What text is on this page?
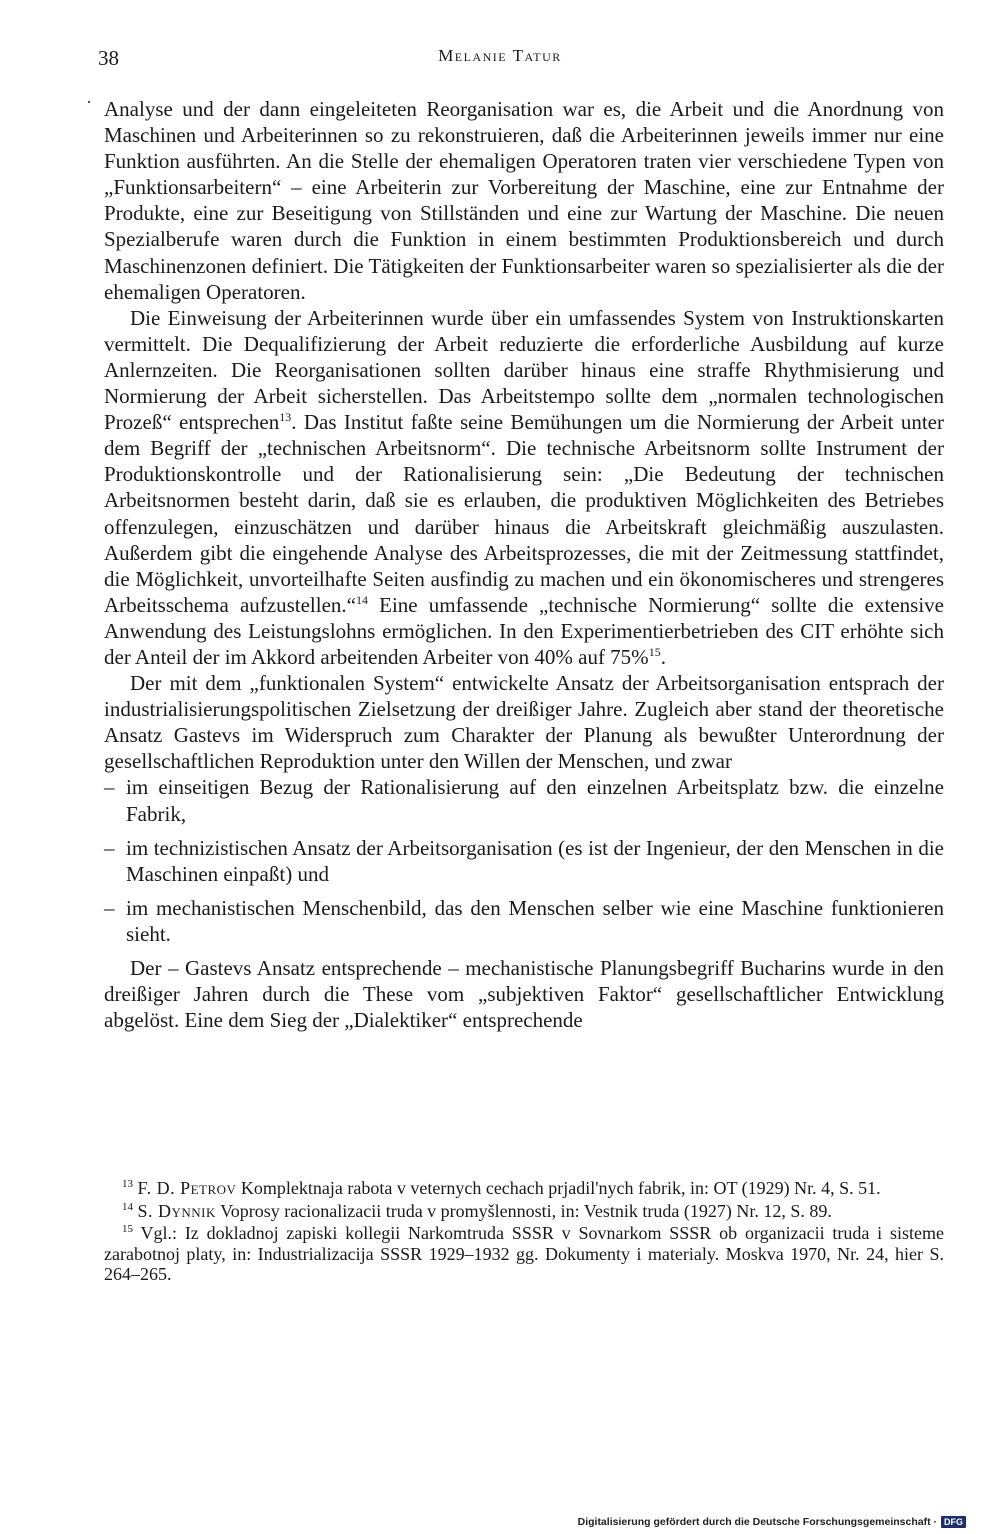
38	Melanie Tatur

Analyse und der dann eingeleiteten Reorganisation war es, die Arbeit und die Anordnung von Maschinen und Arbeiterinnen so zu rekonstruieren, daß die Arbeiterinnen jeweils immer nur eine Funktion ausführten. An die Stelle der ehemaligen Operatoren traten vier verschiedene Typen von „Funktionsarbeitern“ – eine Arbeiterin zur Vorbereitung der Maschine, eine zur Entnahme der Produkte, eine zur Beseitigung von Stillständen und eine zur Wartung der Maschine. Die neuen Spezialberufe waren durch die Funktion in einem bestimmten Produktionsbereich und durch Maschinenzonen definiert. Die Tätigkeiten der Funktionsarbeiter waren so spezialisierter als die der ehemaligen Operatoren.

Die Einweisung der Arbeiterinnen wurde über ein umfassendes System von Instruktionskarten vermittelt. Die Dequalifizierung der Arbeit reduzierte die erforderliche Ausbildung auf kurze Anlernzeiten. Die Reorganisationen sollten darüber hinaus eine straffe Rhythmisierung und Normierung der Arbeit sicherstellen. Das Arbeitstempo sollte dem „normalen technologischen Prozeß“ entsprechen$^{13}$. Das Institut faßte seine Bemühungen um die Normierung der Arbeit unter dem Begriff der „technischen Arbeitsnorm“. Die technische Arbeitsnorm sollte Instrument der Produktionskontrolle und der Rationalisierung sein: „Die Bedeutung der technischen Arbeitsnormen besteht darin, daß sie es erlauben, die produktiven Möglichkeiten des Betriebes offenzulegen, einzuschätzen und darüber hinaus die Arbeitskraft gleichmäßig auszulasten. Außerdem gibt die eingehende Analyse des Arbeitsprozesses, die mit der Zeitmessung stattfindet, die Möglichkeit, unvorteilhafte Seiten ausfindig zu machen und ein ökonomischeres und strengeres Arbeitsschema aufzustellen.“$^{14}$ Eine umfassende „technische Normierung“ sollte die extensive Anwendung des Leistungslohns ermöglichen. In den Experimentierbetrieben des CIT erhöhte sich der Anteil der im Akkord arbeitenden Arbeiter von 40% auf 75%$^{15}$.

Der mit dem „funktionalen System“ entwickelte Ansatz der Arbeitsorganisation entsprach der industrialisierungspolitischen Zielsetzung der dreißiger Jahre. Zugleich aber stand der theoretische Ansatz Gastevs im Widerspruch zum Charakter der Planung als bewußter Unterordnung der gesellschaftlichen Reproduktion unter den Willen der Menschen, und zwar

– im einseitigen Bezug der Rationalisierung auf den einzelnen Arbeitsplatz bzw. die einzelne Fabrik,
– im technizistischen Ansatz der Arbeitsorganisation (es ist der Ingenieur, der den Menschen in die Maschinen einpaßt) und
– im mechanistischen Menschenbild, das den Menschen selber wie eine Maschine funktionieren sieht.

Der – Gastevs Ansatz entsprechende – mechanistische Planungsbegriff Bucharins wurde in den dreißiger Jahren durch die These vom „subjektiven Faktor“ gesellschaftlicher Entwicklung abgelöst. Eine dem Sieg der „Dialektiker“ entsprechende

$^{13}$ F. D. Petrov Komplektnaja rabota v veternych cechach prjadil'nych fabrik, in: OT (1929) Nr. 4, S. 51.

$^{14}$ S. Dynnik Voprosy racionalizacii truda v promyšlennosti, in: Vestnik truda (1927) Nr. 12, S. 89.

$^{15}$ Vgl.: Iz dokladnoj zapiski kollegii Narkomtruda SSSR v Sovnarkom SSSR ob organizacii truda i sisteme zarabotnoj platy, in: Industrializacija SSSR 1929–1932 gg. Dokumenty i materialy. Moskva 1970, Nr. 24, hier S. 264–265.

Digitalisierung gefördert durch die Deutsche Forschungsgemeinschaft · DFG
